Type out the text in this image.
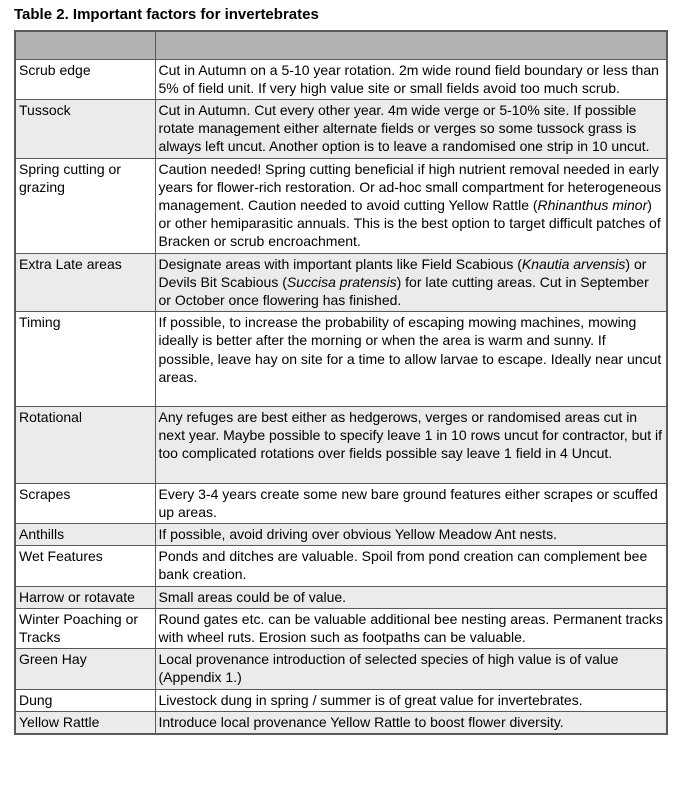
Table 2. Important factors for invertebrates

Scrub edge	Cut in Autumn on a 5-10 year rotation. 2m wide round field boundary or less than 5% of field unit. If very high value site or small fields avoid too much scrub.
Tussock	Cut in Autumn. Cut every other year. 4m wide verge or 5-10% site. If possible rotate management either alternate fields or verges so some tussock grass is always left uncut. Another option is to leave a randomised one strip in 10 uncut.
Spring cutting or grazing	Caution needed! Spring cutting beneficial if high nutrient removal needed in early years for flower-rich restoration. Or ad-hoc small compartment for heterogeneous management. Caution needed to avoid cutting Yellow Rattle (Rhinanthus minor) or other hemiparasitic annuals. This is the best option to target difficult patches of Bracken or scrub encroachment.
Extra Late areas	Designate areas with important plants like Field Scabious (Knautia arvensis) or Devils Bit Scabious (Succisa pratensis) for late cutting areas. Cut in September or October once flowering has finished.
Timing	If possible, to increase the probability of escaping mowing machines, mowing ideally is better after the morning or when the area is warm and sunny. If possible, leave hay on site for a time to allow larvae to escape. Ideally near uncut areas.
Rotational	Any refuges are best either as hedgerows, verges or randomised areas cut in next year. Maybe possible to specify leave 1 in 10 rows uncut for contractor, but if too complicated rotations over fields possible say leave 1 field in 4 Uncut.
Scrapes	Every 3-4 years create some new bare ground features either scrapes or scuffed up areas.
Anthills	If possible, avoid driving over obvious Yellow Meadow Ant nests.
Wet Features	Ponds and ditches are valuable. Spoil from pond creation can complement bee bank creation.
Harrow or rotavate	Small areas could be of value.
Winter Poaching or Tracks	Round gates etc. can be valuable additional bee nesting areas. Permanent tracks with wheel ruts. Erosion such as footpaths can be valuable.
Green Hay	Local provenance introduction of selected species of high value is of value (Appendix 1.)
Dung	Livestock dung in spring / summer is of great value for invertebrates.
Yellow Rattle	Introduce local provenance Yellow Rattle to boost flower diversity.
